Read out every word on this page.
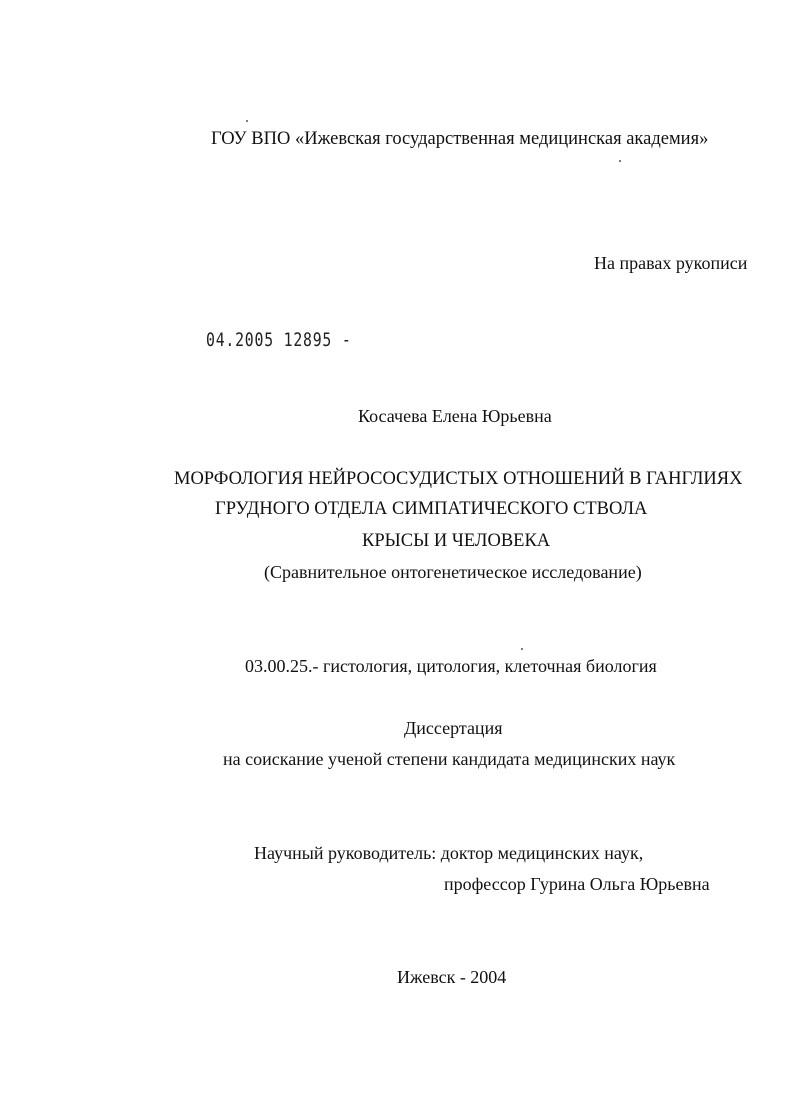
ГОУ ВПО «Ижевская государственная медицинская академия»
На правах рукописи
04.2005 12895 -
Косачева Елена Юрьевна
МОРФОЛОГИЯ НЕЙРОСОСУДИСТЫХ ОТНОШЕНИЙ В ГАНГЛИЯХ
ГРУДНОГО ОТДЕЛА СИМПАТИЧЕСКОГО СТВОЛА
КРЫСЫ И ЧЕЛОВЕКА
(Сравнительное онтогенетическое исследование)
03.00.25.- гистология, цитология, клеточная биология
Диссертация
на соискание ученой степени кандидата медицинских наук
Научный руководитель: доктор медицинских наук,
профессор Гурина Ольга Юрьевна
Ижевск - 2004
